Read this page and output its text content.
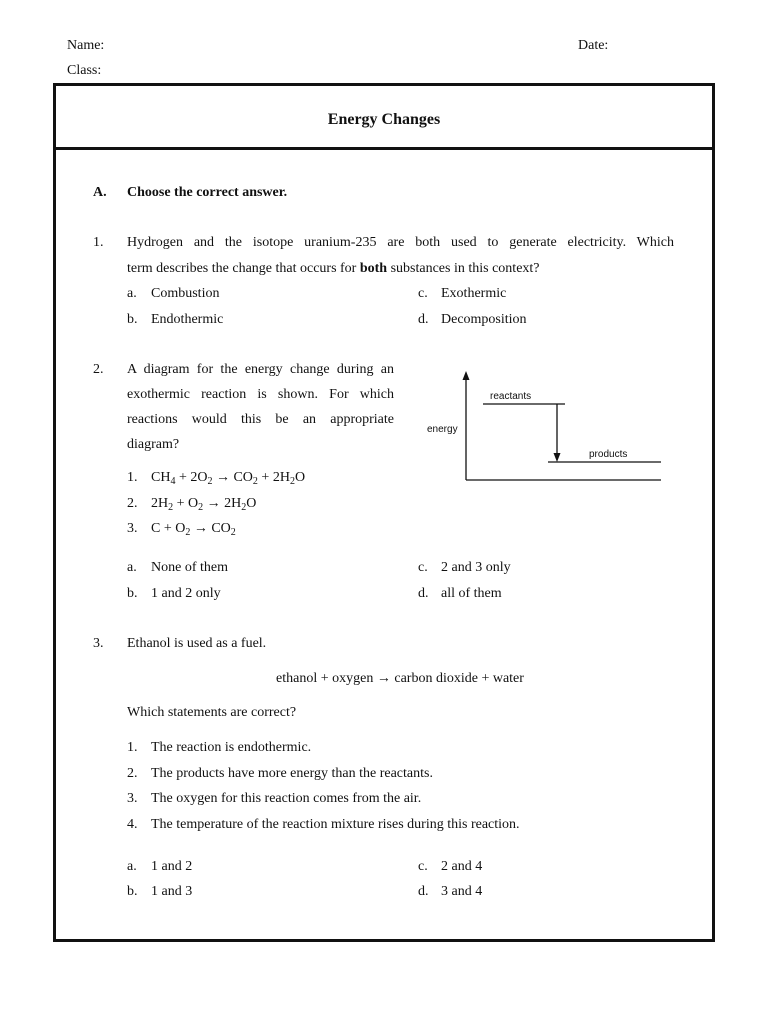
Name:	Date:
Class:
Energy Changes
A. Choose the correct answer.
1. Hydrogen and the isotope uranium-235 are both used to generate electricity. Which
term describes the change that occurs for both substances in this context?
a. Combustion
b. Endothermic
c. Exothermic
d. Decomposition
2. A diagram for the energy change during an
exothermic reaction is shown. For which
reactions would this be an appropriate
diagram?
1. $CH_4 + 2O_2 \to CO_2 + 2H_2O$
2. $2H_2 + O_2 \to 2H_2O$
3. $C + O_2 \to CO_2$
reactants
energy
products
a. None of them
b. 1 and 2 only
c. 2 and 3 only
d. all of them
3. Ethanol is used as a fuel.
ethanol + oxygen → carbon dioxide + water
Which statements are correct?
1. The reaction is endothermic.
2. The products have more energy than the reactants.
3. The oxygen for this reaction comes from the air.
4. The temperature of the reaction mixture rises during this reaction.
a. 1 and 2
b. 1 and 3
c. 2 and 4
d. 3 and 4
